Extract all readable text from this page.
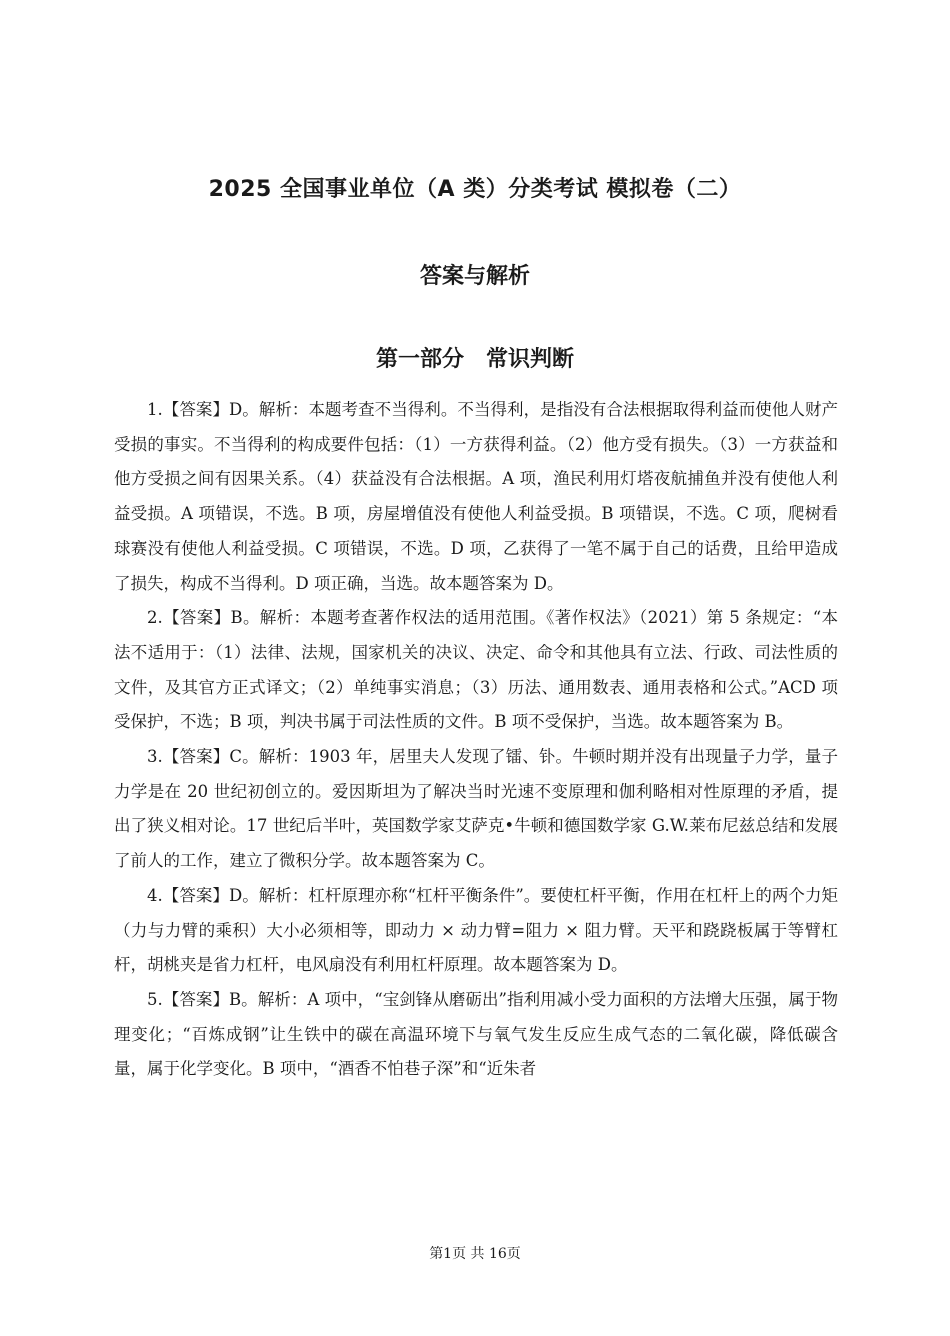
2025 全国事业单位（A 类）分类考试 模拟卷（二）
答案与解析
第一部分　常识判断

1.【答案】D。解析：本题考查不当得利。不当得利，是指没有合法根据取得利益而使他人财产受损的事实。不当得利的构成要件包括：（1）一方获得利益。（2）他方受有损失。（3）一方获益和他方受损之间有因果关系。（4）获益没有合法根据。A 项，渔民利用灯塔夜航捕鱼并没有使他人利益受损。A 项错误，不选。B 项，房屋增值没有使他人利益受损。B 项错误，不选。C 项，爬树看球赛没有使他人利益受损。C 项错误，不选。D 项，乙获得了一笔不属于自己的话费，且给甲造成了损失，构成不当得利。D 项正确，当选。故本题答案为 D。

2.【答案】B。解析：本题考查著作权法的适用范围。《著作权法》（2021）第 5 条规定：“本法不适用于：（1）法律、法规，国家机关的决议、决定、命令和其他具有立法、行政、司法性质的文件，及其官方正式译文；（2）单纯事实消息；（3）历法、通用数表、通用表格和公式。”ACD 项受保护，不选；B 项，判决书属于司法性质的文件。B 项不受保护，当选。故本题答案为 B。

3.【答案】C。解析：1903 年，居里夫人发现了镭、钋。牛顿时期并没有出现量子力学，量子力学是在 20 世纪初创立的。爱因斯坦为了解决当时光速不变原理和伽利略相对性原理的矛盾，提出了狭义相对论。17 世纪后半叶，英国数学家艾萨克•牛顿和德国数学家 G.W.莱布尼兹总结和发展了前人的工作，建立了微积分学。故本题答案为 C。

4.【答案】D。解析：杠杆原理亦称“杠杆平衡条件”。要使杠杆平衡，作用在杠杆上的两个力矩（力与力臂的乘积）大小必须相等，即动力 × 动力臂=阻力 × 阻力臂。天平和跷跷板属于等臂杠杆，胡桃夹是省力杠杆，电风扇没有利用杠杆原理。故本题答案为 D。

5.【答案】B。解析：A 项中，“宝剑锋从磨砺出”指利用减小受力面积的方法增大压强，属于物理变化；“百炼成钢”让生铁中的碳在高温环境下与氧气发生反应生成气态的二氧化碳，降低碳含量，属于化学变化。B 项中，“酒香不怕巷子深”和“近朱者

第1页 共 16页
